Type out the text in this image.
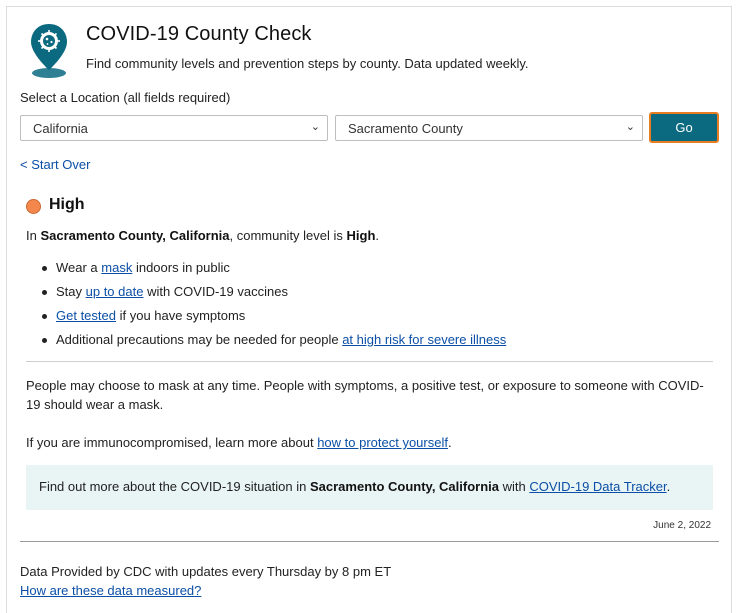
COVID-19 County Check
Find community levels and prevention steps by county. Data updated weekly.
Select a Location (all fields required)
California	⌄	Sacramento County	⌄	Go
< Start Over
High
In Sacramento County, California, community level is High.
Wear a mask indoors in public
Stay up to date with COVID-19 vaccines
Get tested if you have symptoms
Additional precautions may be needed for people at high risk for severe illness
People may choose to mask at any time. People with symptoms, a positive test, or exposure to someone with COVID-19 should wear a mask.
If you are immunocompromised, learn more about how to protect yourself.
Find out more about the COVID-19 situation in Sacramento County, California with COVID-19 Data Tracker.
June 2, 2022
Data Provided by CDC with updates every Thursday by 8 pm ET
How are these data measured?
